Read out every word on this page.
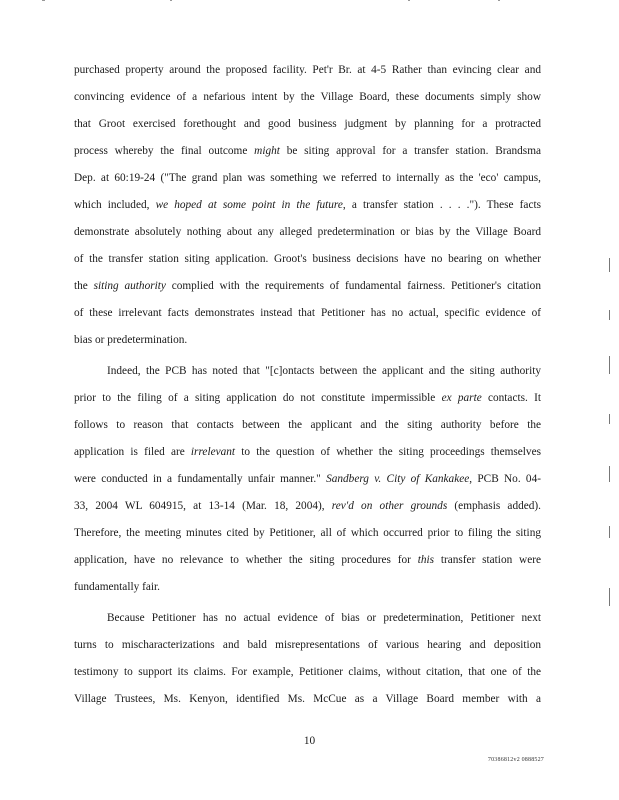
purchased property around the proposed facility. Pet'r Br. at 4-5 Rather than evincing clear and
convincing evidence of a nefarious intent by the Village Board, these documents simply show
that Groot exercised forethought and good business judgment by planning for a protracted
process whereby the final outcome might be siting approval for a transfer station. Brandsma
Dep. at 60:19-24 ("The grand plan was something we referred to internally as the 'eco' campus,
which included, we hoped at some point in the future, a transfer station . . . ."). These facts
demonstrate absolutely nothing about any alleged predetermination or bias by the Village Board
of the transfer station siting application. Groot's business decisions have no bearing on whether
the siting authority complied with the requirements of fundamental fairness. Petitioner's citation
of these irrelevant facts demonstrates instead that Petitioner has no actual, specific evidence of
bias or predetermination.
Indeed, the PCB has noted that "[c]ontacts between the applicant and the siting authority
prior to the filing of a siting application do not constitute impermissible ex parte contacts. It
follows to reason that contacts between the applicant and the siting authority before the
application is filed are irrelevant to the question of whether the siting proceedings themselves
were conducted in a fundamentally unfair manner." Sandberg v. City of Kankakee, PCB No. 04-
33, 2004 WL 604915, at 13-14 (Mar. 18, 2004), rev'd on other grounds (emphasis added).
Therefore, the meeting minutes cited by Petitioner, all of which occurred prior to filing the siting
application, have no relevance to whether the siting procedures for this transfer station were
fundamentally fair.
Because Petitioner has no actual evidence of bias or predetermination, Petitioner next
turns to mischaracterizations and bald misrepresentations of various hearing and deposition
testimony to support its claims. For example, Petitioner claims, without citation, that one of the
Village Trustees, Ms. Kenyon, identified Ms. McCue as a Village Board member with a
10
70386812v2 0888527
